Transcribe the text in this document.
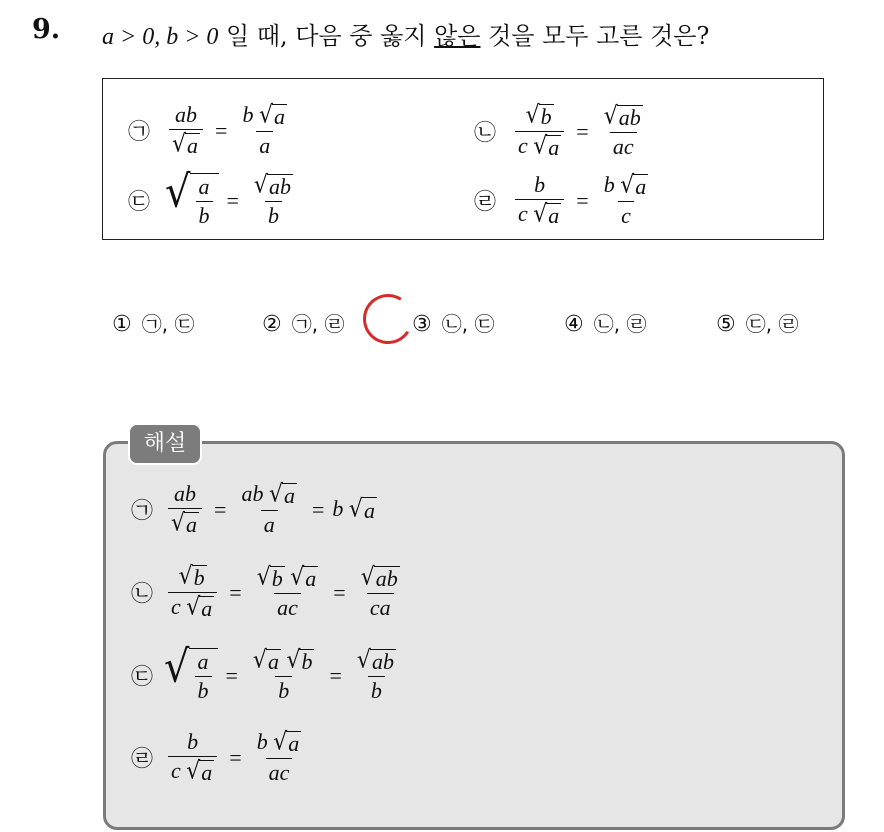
9. a > 0, b > 0 일 때, 다음 중 옳지 않은 것을 모두 고른 것은?
㉠ $\frac{ab}{√ a} = \frac{b √ a}{a}$	㉡ $\frac{√ b}{c √ a} = \frac{√ ab}{ac}$
㉢ √ $\frac{a}{b} = \frac{√ ab}{b}$	㉣ $\frac{b}{c √ a} = \frac{b √ a}{c}$
① ㉠, ㉢	② ㉠, ㉣	③ ㉡, ㉢	④ ㉡, ㉣	⑤ ㉢, ㉣
㉠ $\frac{ab}{√ a} = \frac{ab √ a}{a} = b$ √ a
㉡ $\frac{√ b}{c √ a}$ = √ b
√ a
ac = $\frac{√ ab}{ca}$
㉢ √ $\frac{a}{b}$ = √ a
√ b
$b = \frac{√ ab}{b}$
㉣ $\frac{b}{c √ a} = \frac{b √ a}{ac}$
해설
